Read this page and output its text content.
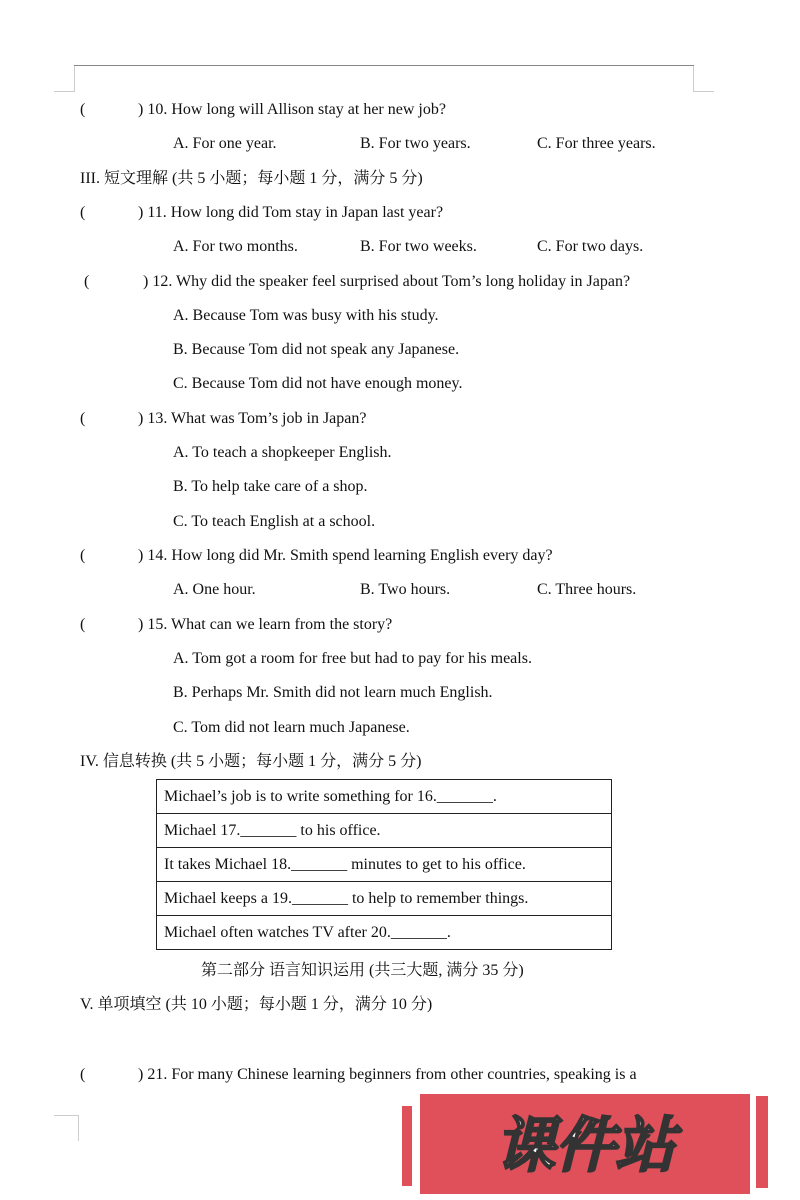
(	) 10. How long will Allison stay at her new job?
A. For one year.	B. For two years.	C. For three years.
III. 短文理解 (共 5 小题；每小题 1 分，满分 5 分)
(	) 11. How long did Tom stay in Japan last year?
A. For two months.	B. For two weeks.	C. For two days.
(	) 12. Why did the speaker feel surprised about Tom’s long holiday in Japan?
A. Because Tom was busy with his study.
B. Because Tom did not speak any Japanese.
C. Because Tom did not have enough money.
(	) 13. What was Tom’s job in Japan?
A. To teach a shopkeeper English.
B. To help take care of a shop.
C. To teach English at a school.
(	) 14. How long did Mr. Smith spend learning English every day?
A. One hour.	B. Two hours.	C. Three hours.
(	) 15. What can we learn from the story?
A. Tom got a room for free but had to pay for his meals.
B. Perhaps Mr. Smith did not learn much English.
C. Tom did not learn much Japanese.
IV. 信息转换 (共 5 小题；每小题 1 分，满分 5 分)
Michael’s job is to write something for 16._______.
Michael 17._______ to his office.
It takes Michael 18._______ minutes to get to his office.
Michael keeps a 19._______ to help to remember things.
Michael often watches TV after 20._______.
第二部分 语言知识运用 (共三大题, 满分 35 分)
V. 单项填空 (共 10 小题；每小题 1 分，满分 10 分)
(	) 21. For many Chinese learning beginners from other countries, speaking is a
课件站
